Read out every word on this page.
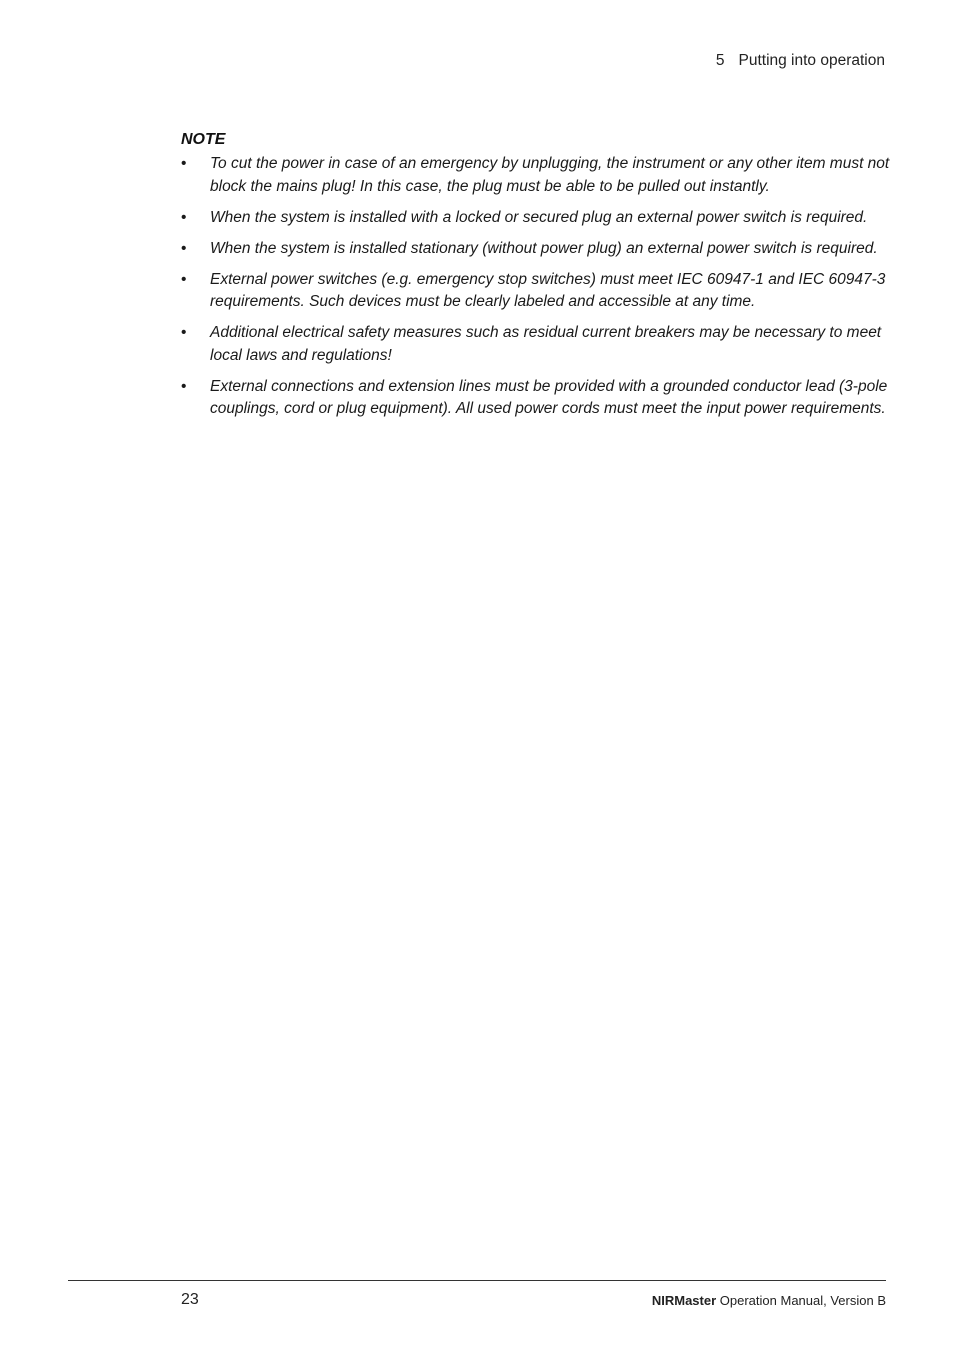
5 Putting into operation
NOTE
• To cut the power in case of an emergency by unplugging, the instrument or any other item must not block the mains plug! In this case, the plug must be able to be pulled out instantly.
• When the system is installed with a locked or secured plug an external power switch is required.
• When the system is installed stationary (without power plug) an external power switch is required.
• External power switches (e.g. emergency stop switches) must meet IEC 60947-1 and IEC 60947-3 requirements. Such devices must be clearly labeled and accessible at any time.
• Additional electrical safety measures such as residual current breakers may be necessary to meet local laws and regulations!
• External connections and extension lines must be provided with a grounded conductor lead (3-pole couplings, cord or plug equipment). All used power cords must meet the input power requirements.
23	NIRMaster Operation Manual, Version B
